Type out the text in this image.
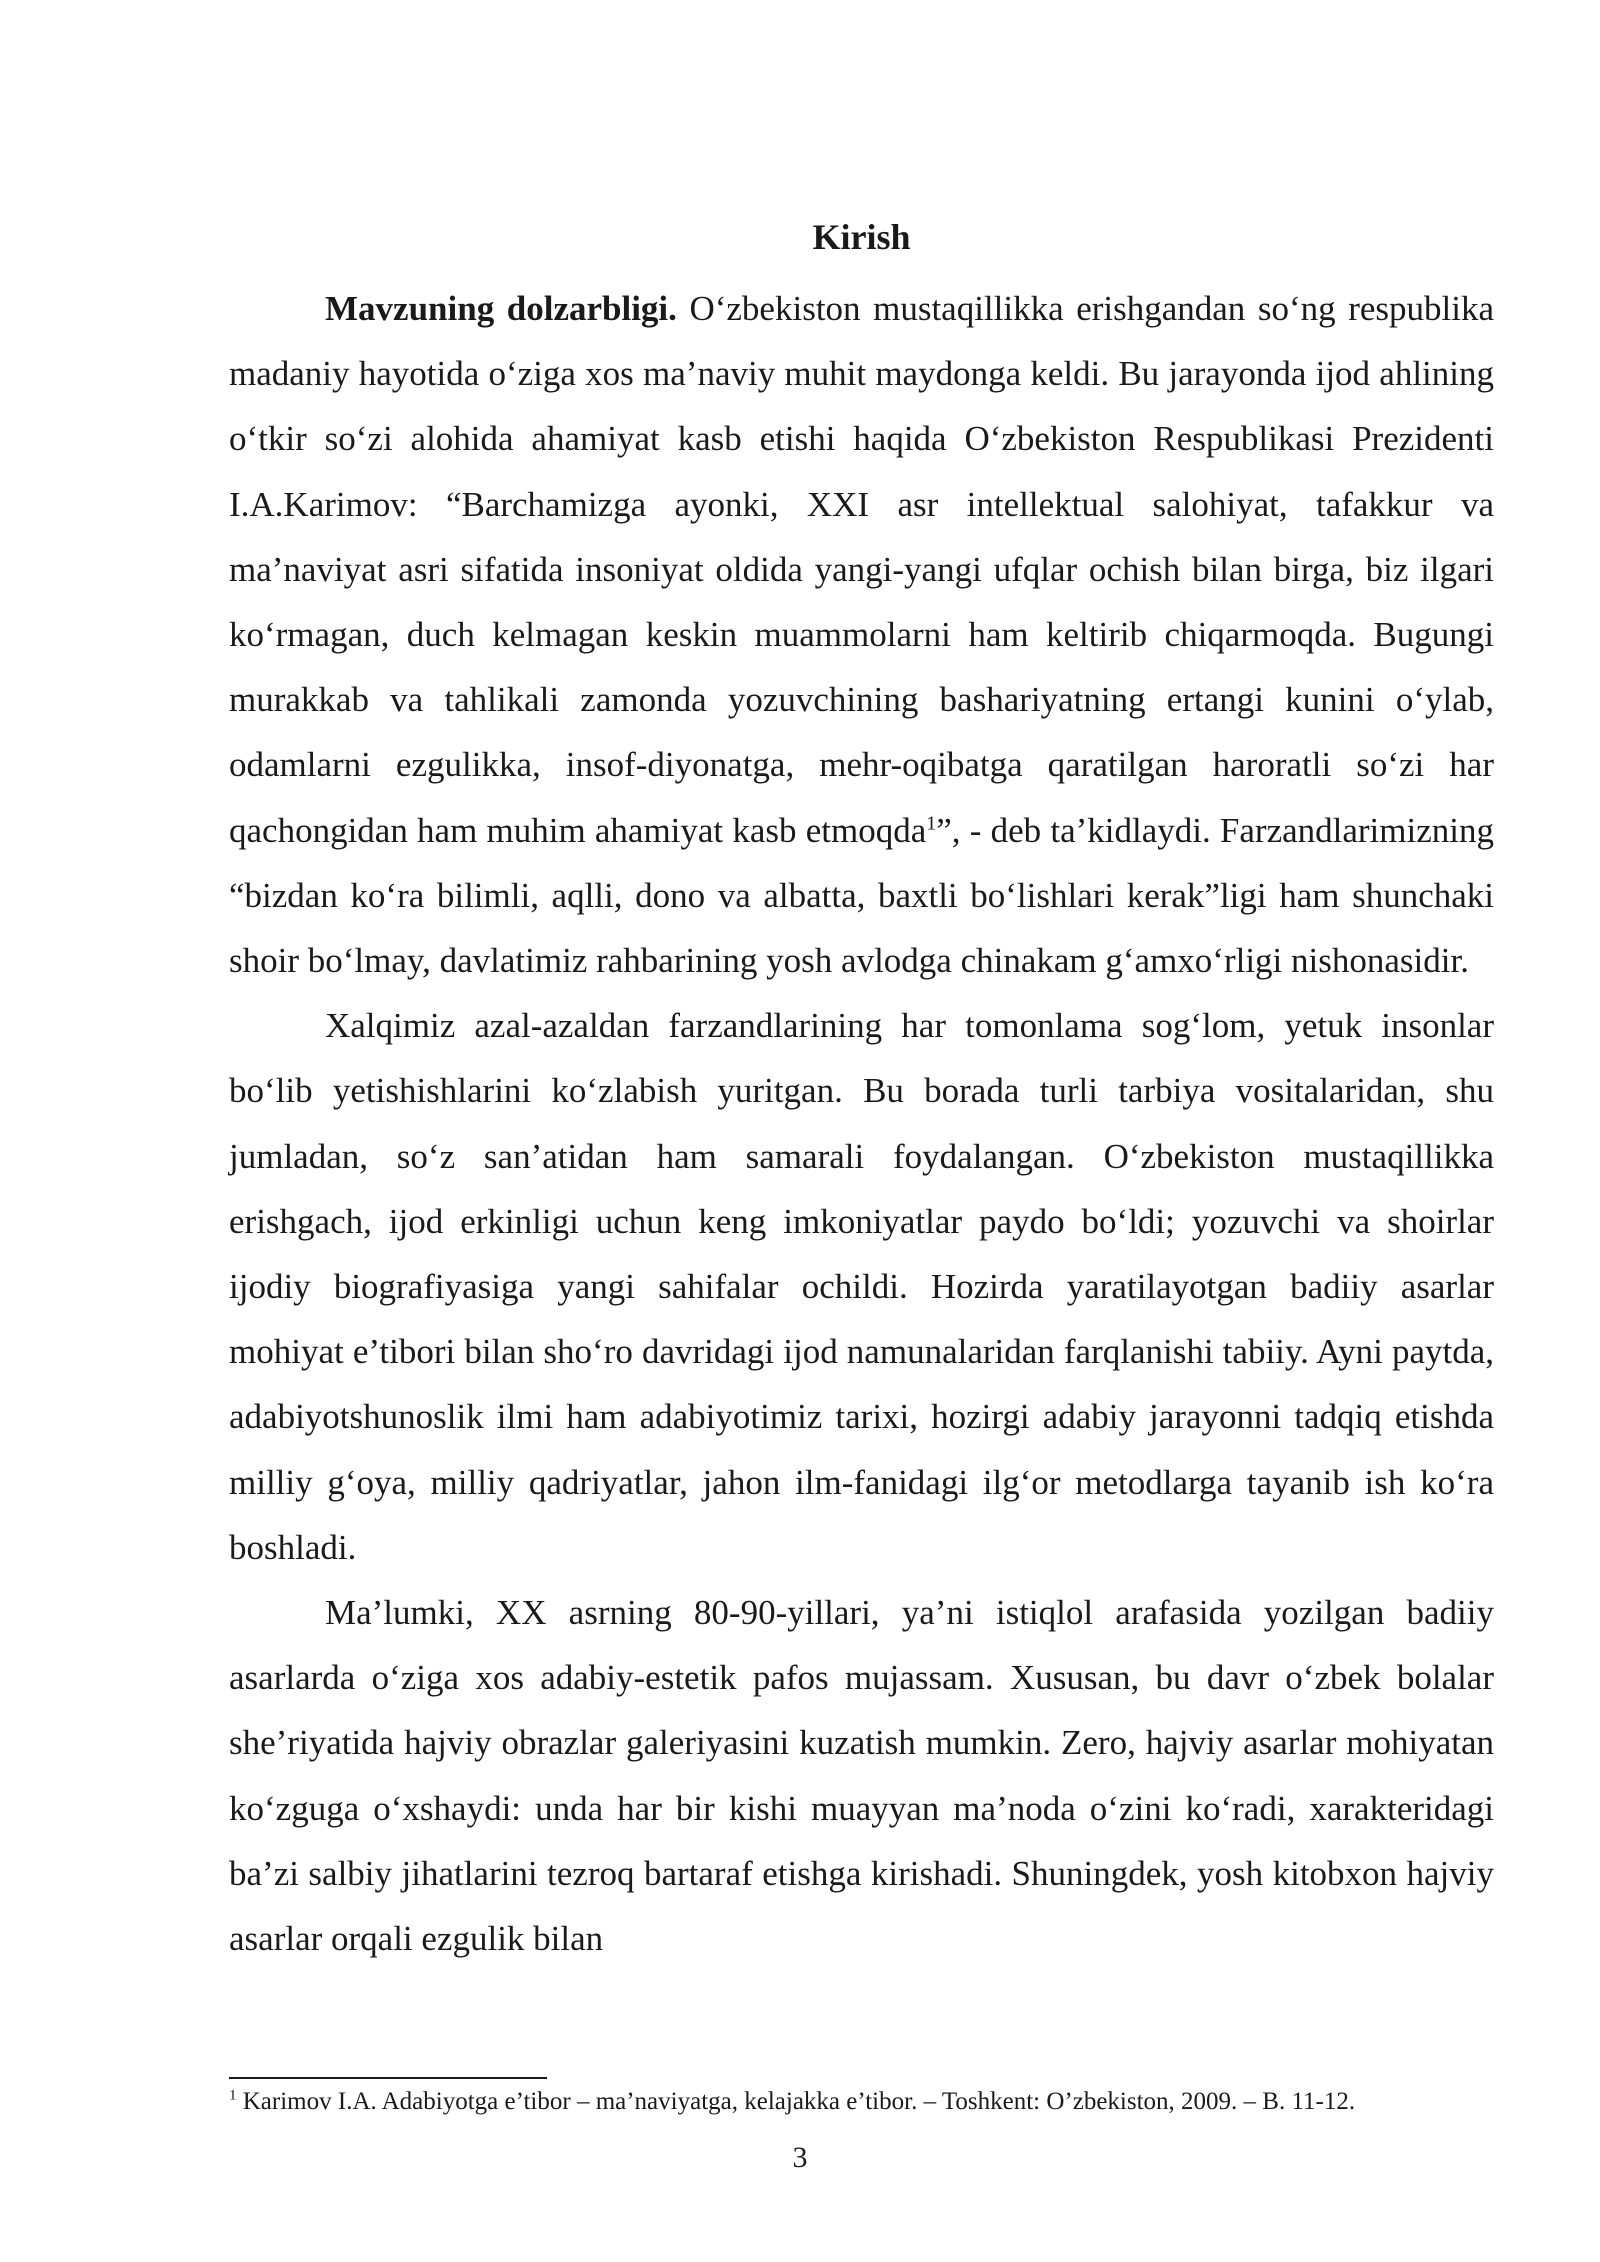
Kirish

Mavzuning dolzarbligi. O‘zbekiston mustaqillikka erishgandan so‘ng respublika madaniy hayotida o‘ziga xos ma’naviy muhit maydonga keldi. Bu jarayonda ijod ahlining o‘tkir so‘zi alohida ahamiyat kasb etishi haqida O‘zbekiston Respublikasi Prezidenti I.A.Karimov: “Barchamizga ayonki, XXI asr intellektual salohiyat, tafakkur va ma’naviyat asri sifatida insoniyat oldida yangi-yangi ufqlar ochish bilan birga, biz ilgari ko‘rmagan, duch kelmagan keskin muammolarni ham keltirib chiqarmoqda. Bugungi murakkab va tahlikali zamonda yozuvchining bashariyatning ertangi kunini o‘ylab, odamlarni ezgulikka, insof-diyonatga, mehr-oqibatga qaratilgan haroratli so‘zi har qachongidan ham muhim ahamiyat kasb etmoqda$^1$”, - deb ta’kidlaydi. Farzandlarimizning “bizdan ko‘ra bilimli, aqlli, dono va albatta, baxtli bo‘lishlari kerak”ligi ham shunchaki shoir bo‘lmay, davlatimiz rahbarining yosh avlodga chinakam g‘amxo‘rligi nishonasidir.

Xalqimiz azal-azaldan farzandlarining har tomonlama sog‘lom, yetuk insonlar bo‘lib yetishishlarini ko‘zlabish yuritgan. Bu borada turli tarbiya vositalaridan, shu jumladan, so‘z san’atidan ham samarali foydalangan. O‘zbekiston mustaqillikka erishgach, ijod erkinligi uchun keng imkoniyatlar paydo bo‘ldi; yozuvchi va shoirlar ijodiy biografiyasiga yangi sahifalar ochildi. Hozirda yaratilayotgan badiiy asarlar mohiyat e’tibori bilan sho‘ro davridagi ijod namunalaridan farqlanishi tabiiy. Ayni paytda, adabiyotshunoslik ilmi ham adabiyotimiz tarixi, hozirgi adabiy jarayonni tadqiq etishda milliy g‘oya, milliy qadriyatlar, jahon ilm-fanidagi ilg‘or metodlarga tayanib ish ko‘ra boshladi.

Ma’lumki, XX asrning 80-90-yillari, ya’ni istiqlol arafasida yozilgan badiiy asarlarda o‘ziga xos adabiy-estetik pafos mujassam. Xususan, bu davr o‘zbek bolalar she’riyatida hajviy obrazlar galeriyasini kuzatish mumkin. Zero, hajviy asarlar mohiyatan ko‘zguga o‘xshaydi: unda har bir kishi muayyan ma’noda o‘zini ko‘radi, xarakteridagi ba’zi salbiy jihatlarini tezroq bartaraf etishga kirishadi. Shuningdek, yosh kitobxon hajviy asarlar orqali ezgulik bilan

$^1$ Karimov I.A. Adabiyotga e’tibor – ma’naviyatga, kelajakka e’tibor. – Toshkent: O’zbekiston, 2009. – B. 11-12.
3
